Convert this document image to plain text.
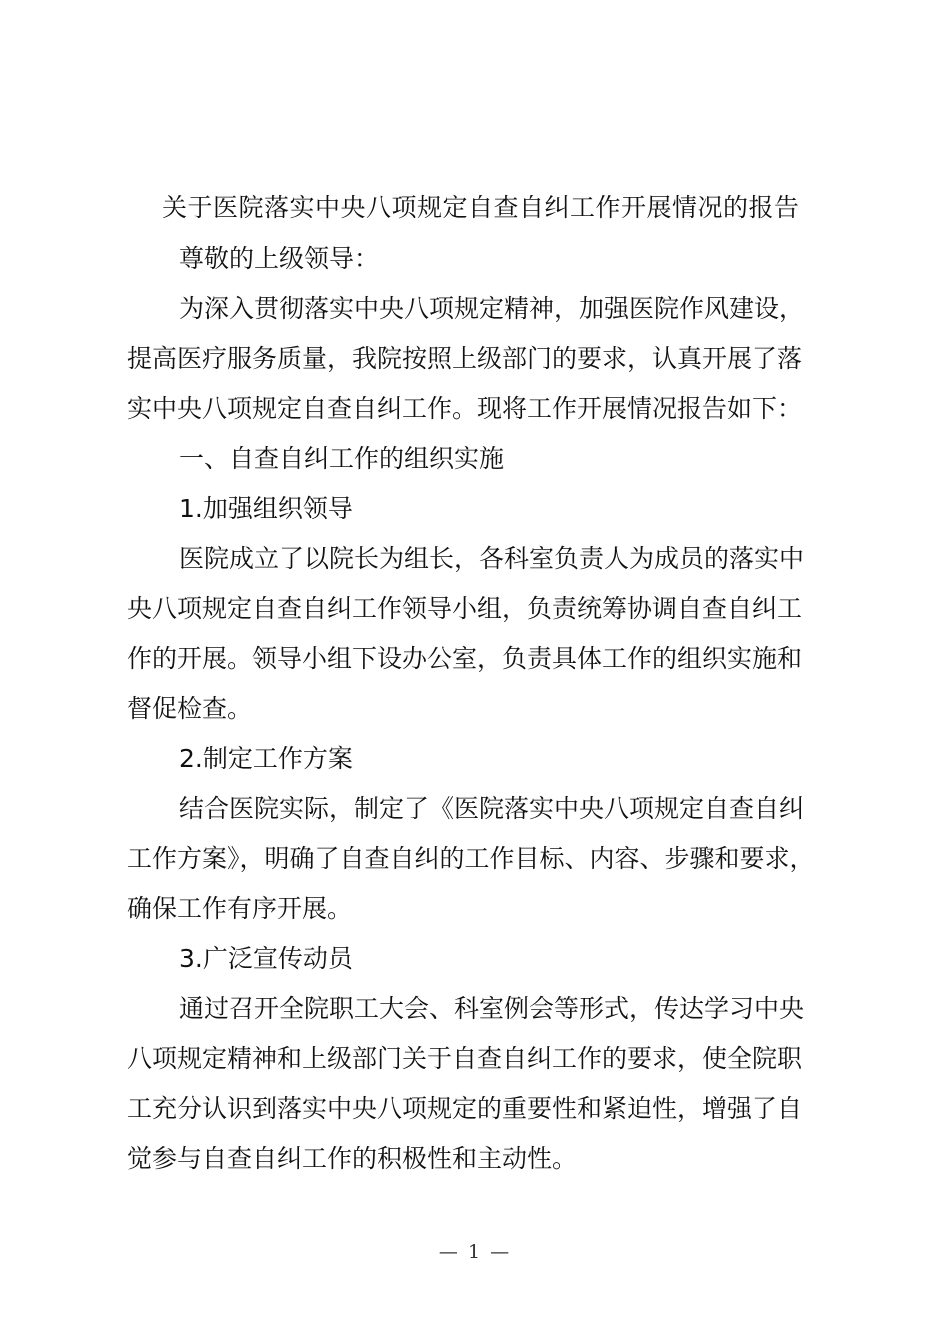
关于医院落实中央八项规定自查自纠工作开展情况的报告

尊敬的上级领导：

为深入贯彻落实中央八项规定精神，加强医院作风建设，

提高医疗服务质量，我院按照上级部门的要求，认真开展了落

实中央八项规定自查自纠工作。现将工作开展情况报告如下：

一、自查自纠工作的组织实施

1.加强组织领导

医院成立了以院长为组长，各科室负责人为成员的落实中

央八项规定自查自纠工作领导小组，负责统筹协调自查自纠工

作的开展。领导小组下设办公室，负责具体工作的组织实施和

督促检查。

2.制定工作方案

结合医院实际，制定了《医院落实中央八项规定自查自纠

工作方案》，明确了自查自纠的工作目标、内容、步骤和要求，

确保工作有序开展。

3.广泛宣传动员

通过召开全院职工大会、科室例会等形式，传达学习中央

八项规定精神和上级部门关于自查自纠工作的要求，使全院职

工充分认识到落实中央八项规定的重要性和紧迫性，增强了自

觉参与自查自纠工作的积极性和主动性。

— 1 —
